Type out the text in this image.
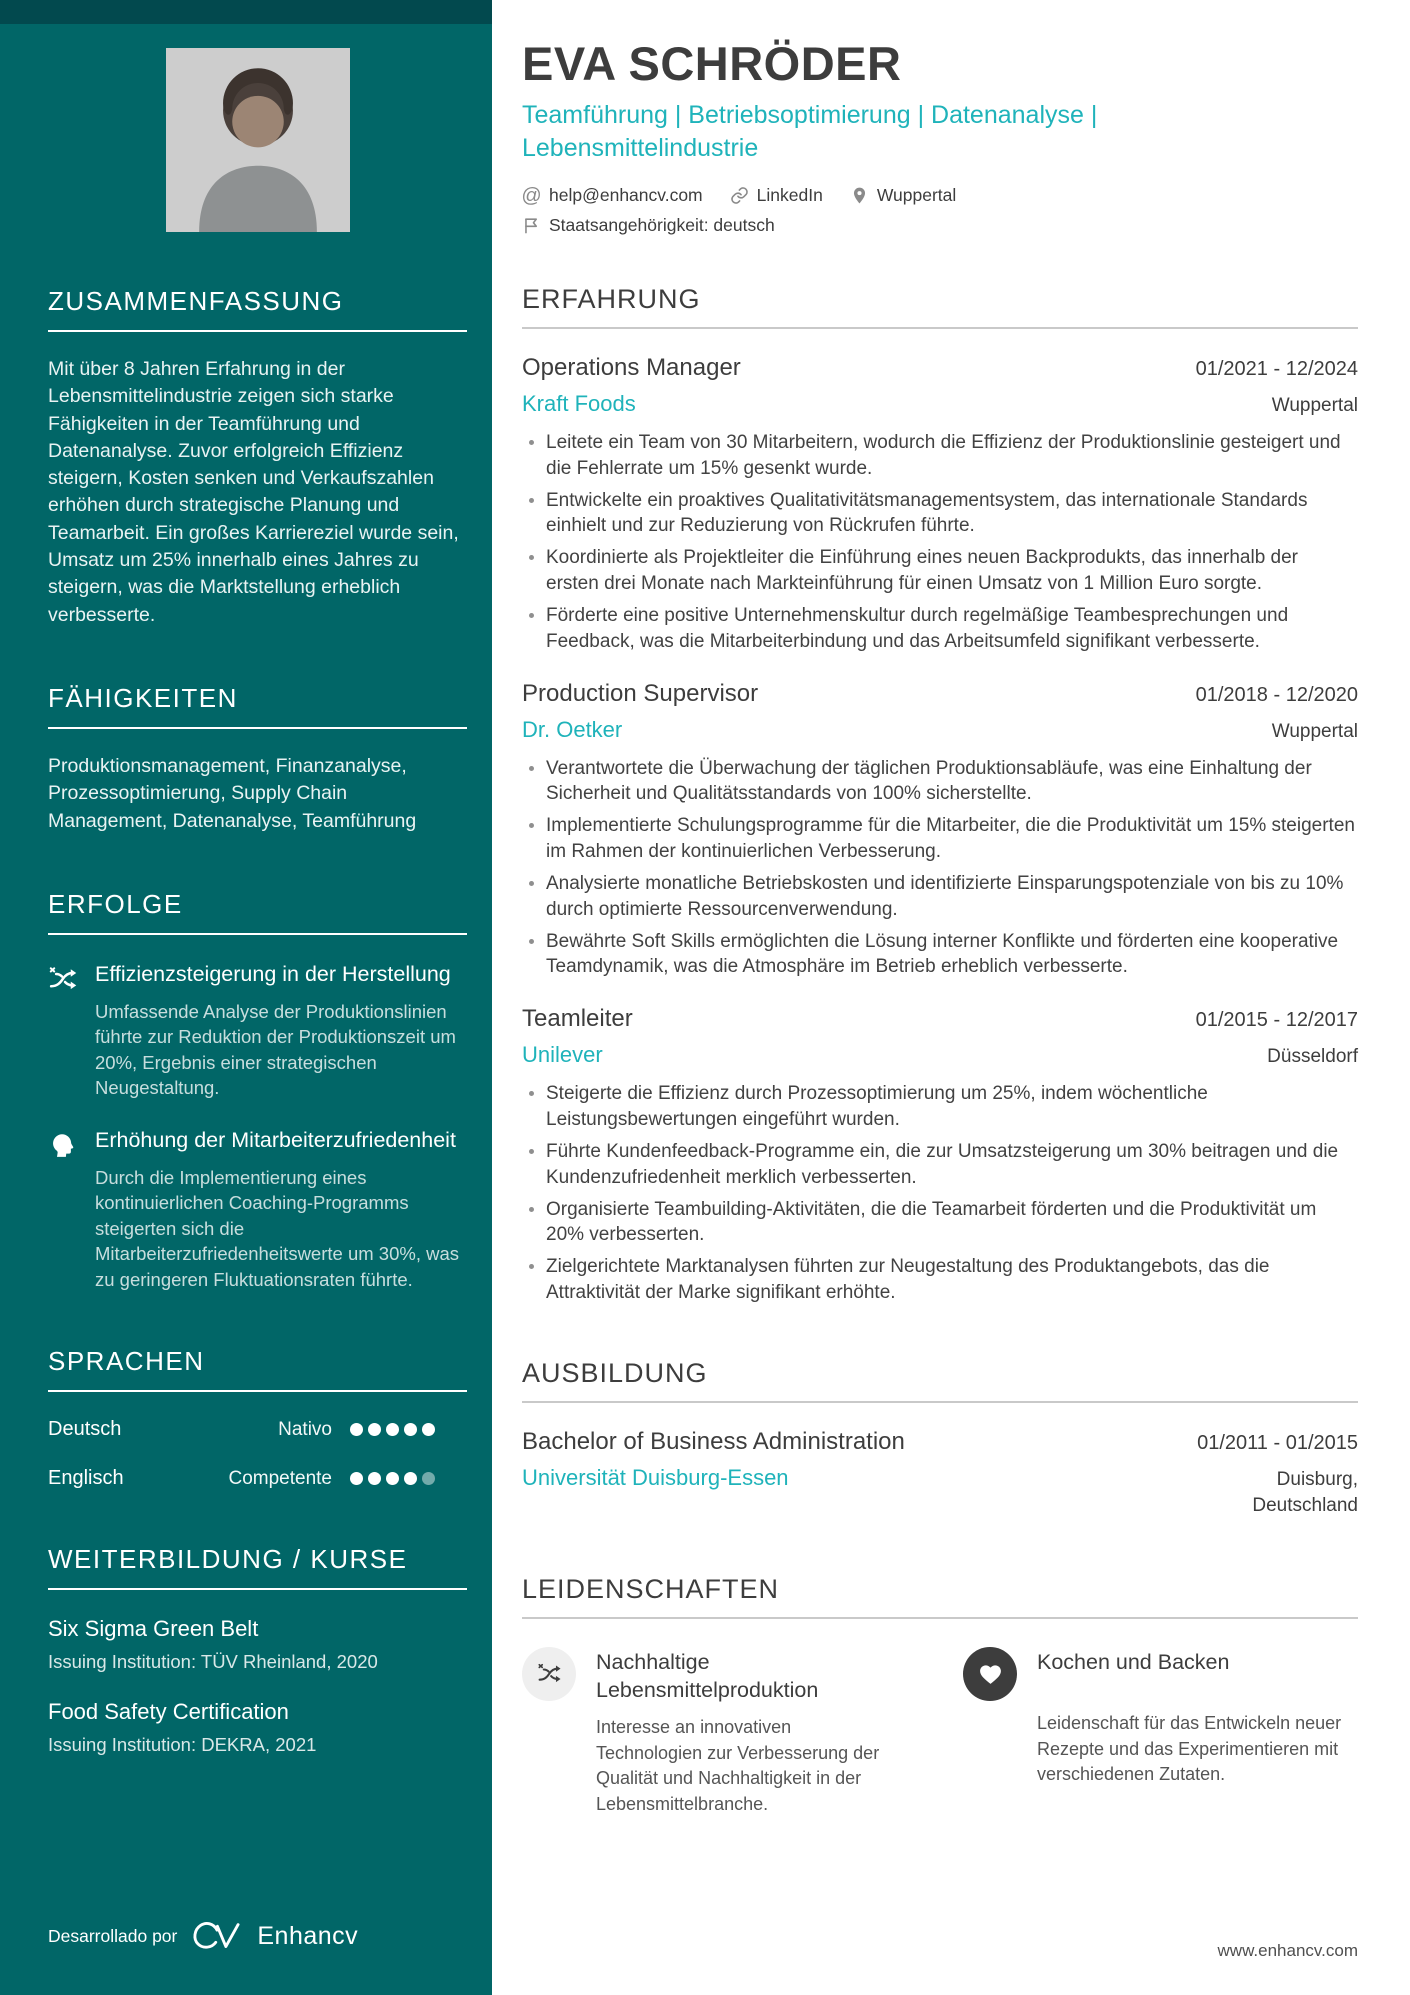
ZUSAMMENFASSUNG

Mit über 8 Jahren Erfahrung in der Lebensmittelindustrie zeigen sich starke Fähigkeiten in der Teamführung und Datenanalyse. Zuvor erfolgreich Effizienz steigern, Kosten senken und Verkaufszahlen erhöhen durch strategische Planung und Teamarbeit. Ein großes Karriereziel wurde sein, Umsatz um 25% innerhalb eines Jahres zu steigern, was die Marktstellung erheblich verbesserte.

FÄHIGKEITEN

Produktionsmanagement, Finanzanalyse, Prozessoptimierung, Supply Chain Management, Datenanalyse, Teamführung

ERFOLGE
Effizienzsteigerung in der Herstellung

Umfassende Analyse der Produktionslinien führte zur Reduktion der Produktionszeit um 20%, Ergebnis einer strategischen Neugestaltung.

Erhöhung der Mitarbeiterzufriedenheit

Durch die Implementierung eines kontinuierlichen Coaching-Programms steigerten sich die Mitarbeiterzufriedenheitswerte um 30%, was zu geringeren Fluktuationsraten führte.

SPRACHEN
Deutsch	Nativo
Englisch	Competente
WEITERBILDUNG / KURSE
Six Sigma Green Belt

Issuing Institution: TÜV Rheinland, 2020

Food Safety Certification

Issuing Institution: DEKRA, 2021

Desarrollado por	Enhancv
EVA SCHRÖDER
Teamführung | Betriebsoptimierung | Datenanalyse | Lebensmittelindustrie
@ help@enhancv.com	LinkedIn	Wuppertal
Staatsangehörigkeit: deutsch
ERFAHRUNG
Operations Manager	01/2021 - 12/2024
Kraft Foods	Wuppertal
Leitete ein Team von 30 Mitarbeitern, wodurch die Effizienz der Produktionslinie gesteigert und die Fehlerrate um 15% gesenkt wurde.
Entwickelte ein proaktives Qualitativitätsmanagementsystem, das internationale Standards einhielt und zur Reduzierung von Rückrufen führte.
Koordinierte als Projektleiter die Einführung eines neuen Backprodukts, das innerhalb der ersten drei Monate nach Markteinführung für einen Umsatz von 1 Million Euro sorgte.
Förderte eine positive Unternehmenskultur durch regelmäßige Teambesprechungen und Feedback, was die Mitarbeiterbindung und das Arbeitsumfeld signifikant verbesserte.
Production Supervisor	01/2018 - 12/2020
Dr. Oetker	Wuppertal
Verantwortete die Überwachung der täglichen Produktionsabläufe, was eine Einhaltung der Sicherheit und Qualitätsstandards von 100% sicherstellte.
Implementierte Schulungsprogramme für die Mitarbeiter, die die Produktivität um 15% steigerten im Rahmen der kontinuierlichen Verbesserung.
Analysierte monatliche Betriebskosten und identifizierte Einsparungspotenziale von bis zu 10% durch optimierte Ressourcenverwendung.
Bewährte Soft Skills ermöglichten die Lösung interner Konflikte und förderten eine kooperative Teamdynamik, was die Atmosphäre im Betrieb erheblich verbesserte.
Teamleiter	01/2015 - 12/2017
Unilever	Düsseldorf
Steigerte die Effizienz durch Prozessoptimierung um 25%, indem wöchentliche Leistungsbewertungen eingeführt wurden.
Führte Kundenfeedback-Programme ein, die zur Umsatzsteigerung um 30% beitragen und die Kundenzufriedenheit merklich verbesserten.
Organisierte Teambuilding-Aktivitäten, die die Teamarbeit förderten und die Produktivität um 20% verbesserten.
Zielgerichtete Marktanalysen führten zur Neugestaltung des Produktangebots, das die Attraktivität der Marke signifikant erhöhte.
AUSBILDUNG
Bachelor of Business Administration	01/2011 - 01/2015
Universität Duisburg-Essen	Duisburg, Deutschland
LEIDENSCHAFTEN
Nachhaltige Lebensmittelproduktion

Interesse an innovativen Technologien zur Verbesserung der Qualität und Nachhaltigkeit in der Lebensmittelbranche.

Kochen und Backen

Leidenschaft für das Entwickeln neuer Rezepte und das Experimentieren mit verschiedenen Zutaten.

www.enhancv.com
